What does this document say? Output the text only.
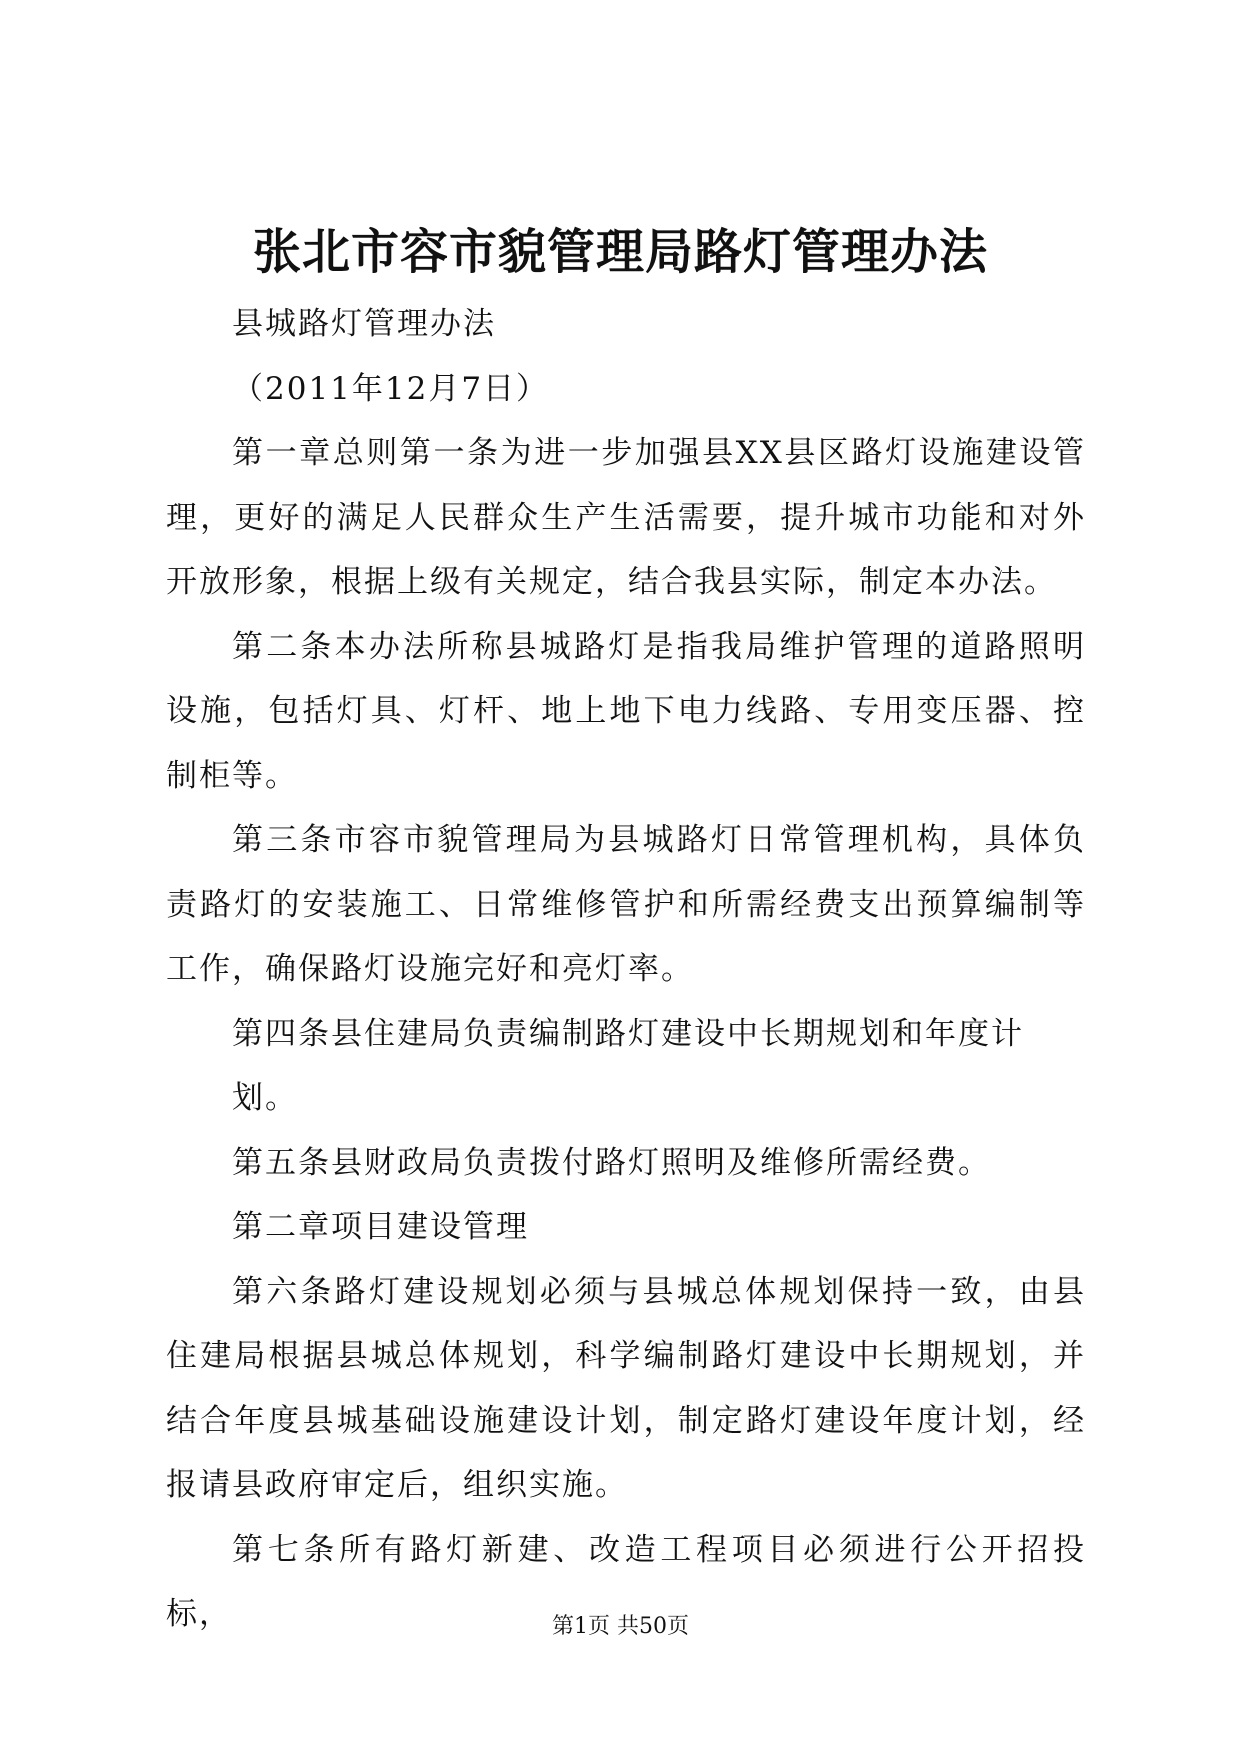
张北市容市貌管理局路灯管理办法

县城路灯管理办法

（2011年12月7日）

第一章总则第一条为进一步加强县XX县区路灯设施建设管理，更好的满足人民群众生产生活需要，提升城市功能和对外开放形象，根据上级有关规定，结合我县实际，制定本办法。

第二条本办法所称县城路灯是指我局维护管理的道路照明设施，包括灯具、灯杆、地上地下电力线路、专用变压器、控制柜等。

第三条市容市貌管理局为县城路灯日常管理机构，具体负责路灯的安装施工、日常维修管护和所需经费支出预算编制等工作，确保路灯设施完好和亮灯率。

第四条县住建局负责编制路灯建设中长期规划和年度计

划。

第五条县财政局负责拨付路灯照明及维修所需经费。

第二章项目建设管理

第六条路灯建设规划必须与县城总体规划保持一致，由县住建局根据县城总体规划，科学编制路灯建设中长期规划，并结合年度县城基础设施建设计划，制定路灯建设年度计划，经报请县政府审定后，组织实施。

第七条所有路灯新建、改造工程项目必须进行公开招投标，	第1页 共50页
